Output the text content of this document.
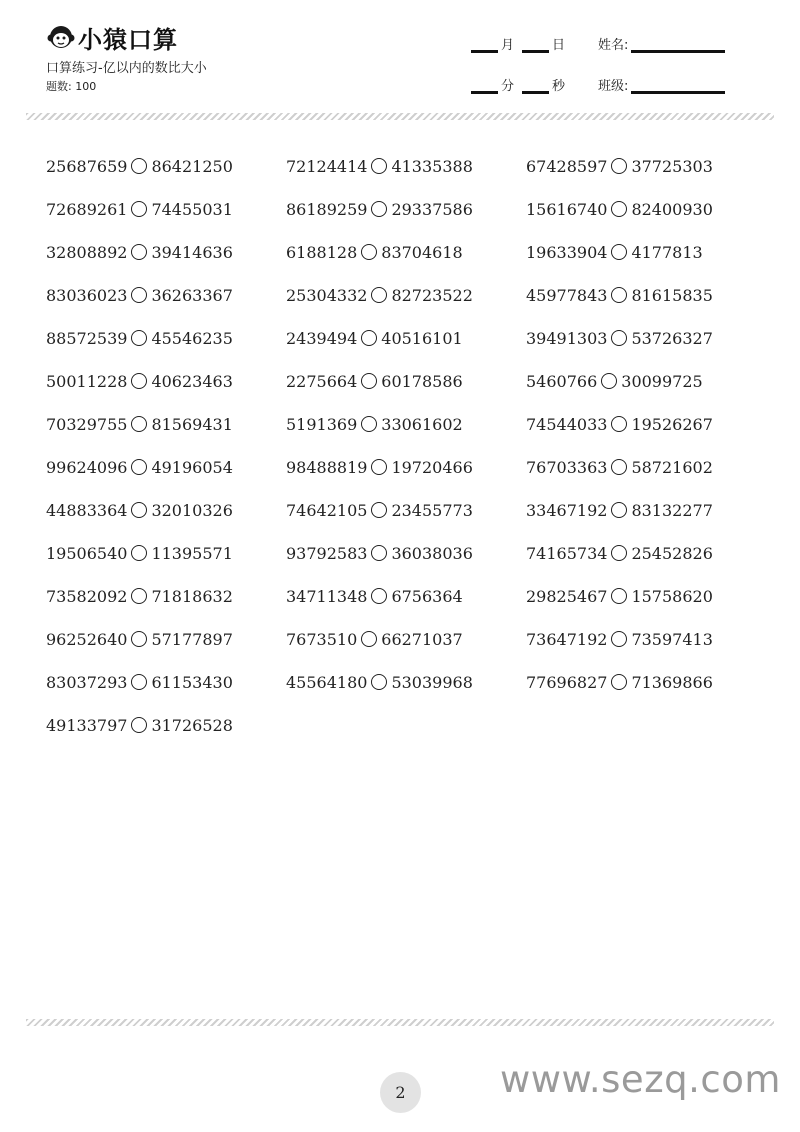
小猿口算
口算练习-亿以内的数比大小
题数: 100
月	日	姓名:
分	秒	班级:
25687659 86421250	72124414 41335388	67428597 37725303
72689261 74455031	86189259 29337586	15616740 82400930
32808892 39414636	6188128 83704618	19633904 4177813
83036023 36263367	25304332 82723522	45977843 81615835
88572539 45546235	2439494 40516101	39491303 53726327
50011228 40623463	2275664 60178586	5460766 30099725
70329755 81569431	5191369 33061602	74544033 19526267
99624096 49196054	98488819 19720466	76703363 58721602
44883364 32010326	74642105 23455773	33467192 83132277
19506540 11395571	93792583 36038036	74165734 25452826
73582092 71818632	34711348 6756364	29825467 15758620
96252640 57177897	7673510 66271037	73647192 73597413
83037293 61153430	45564180 53039968	77696827 71369866
49133797 31726528
2	www.sezq.com
